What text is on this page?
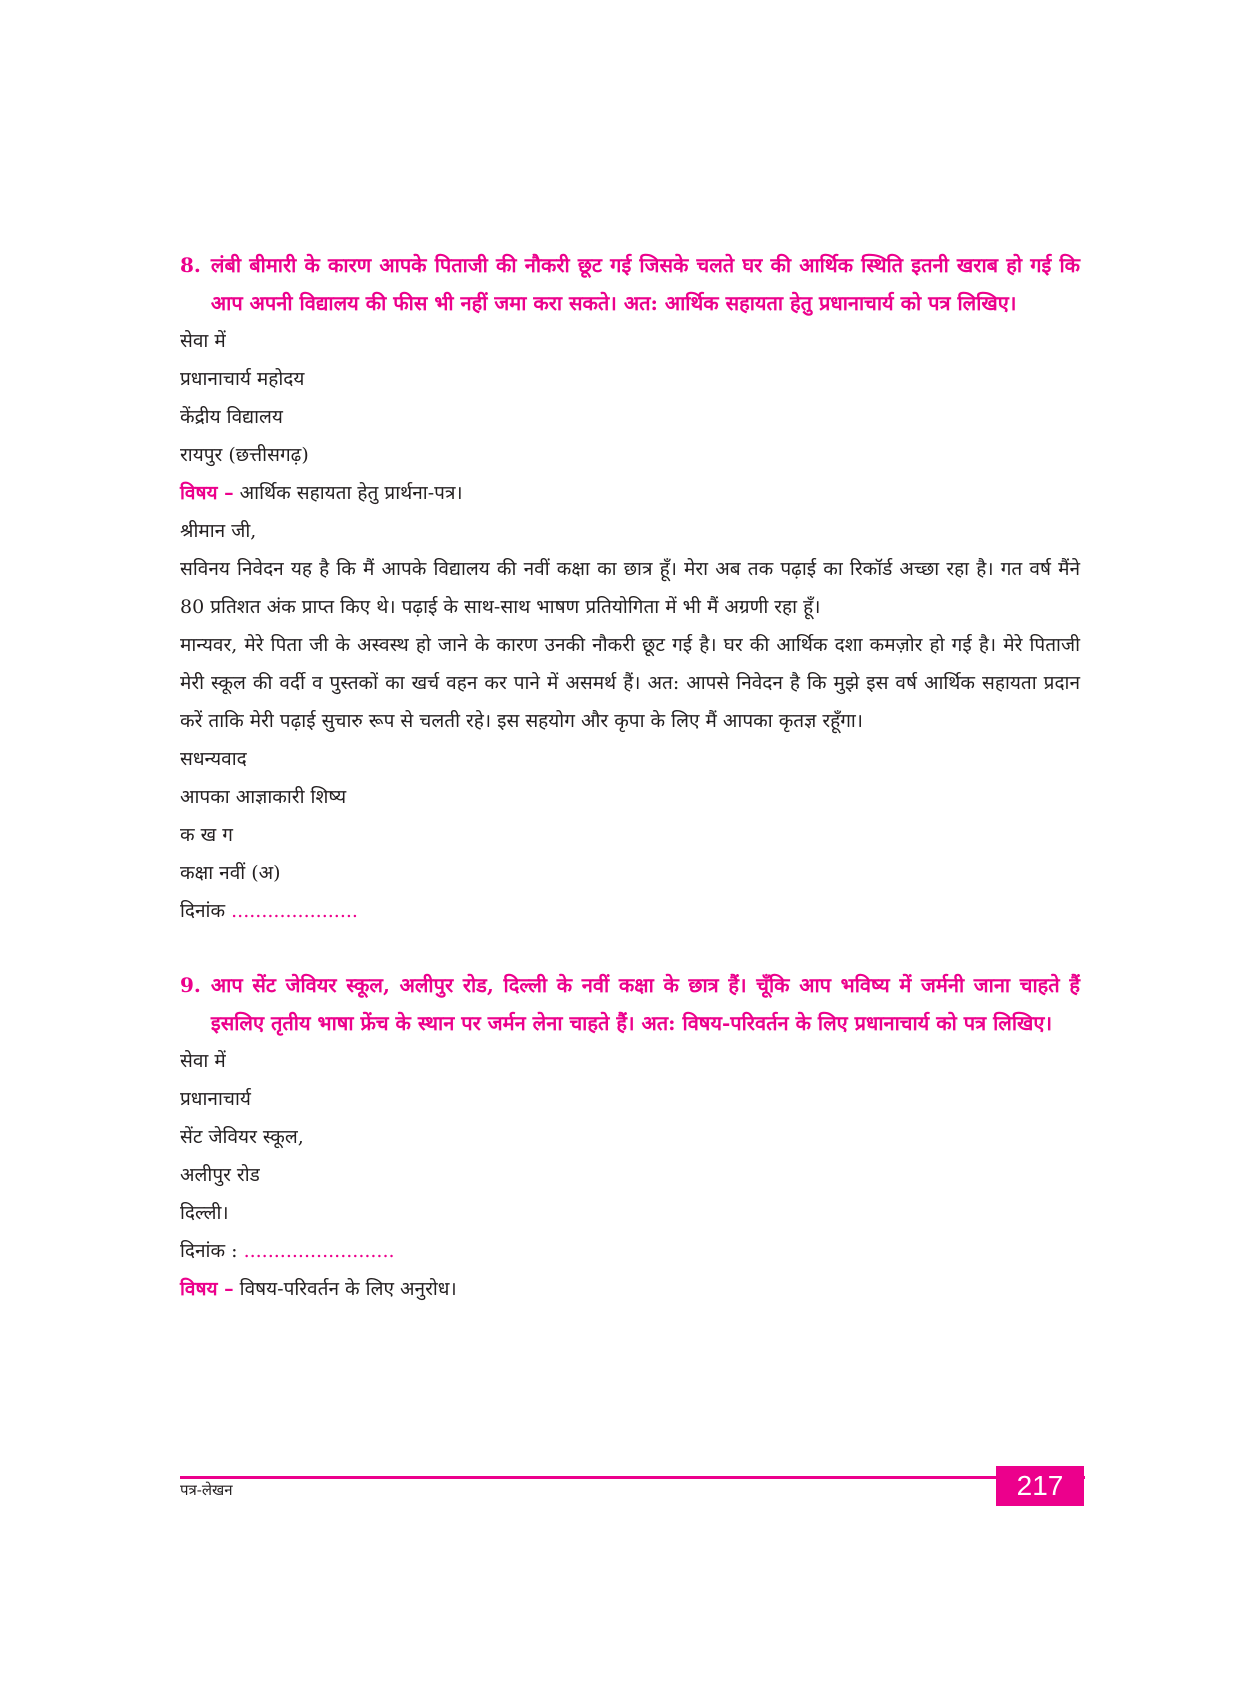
8. लंबी बीमारी के कारण आपके पिताजी की नौकरी छूट गई जिसके चलते घर की आर्थिक स्थिति इतनी खराब हो गई कि आप अपनी विद्यालय की फीस भी नहीं जमा करा सकते। अत: आर्थिक सहायता हेतु प्रधानाचार्य को पत्र लिखिए।
सेवा में
प्रधानाचार्य महोदय
केंद्रीय विद्यालय
रायपुर (छत्तीसगढ़)
विषय – आर्थिक सहायता हेतु प्रार्थना-पत्र।
श्रीमान जी,
सविनय निवेदन यह है कि मैं आपके विद्यालय की नवीं कक्षा का छात्र हूँ। मेरा अब तक पढ़ाई का रिकॉर्ड अच्छा रहा है। गत वर्ष मैंने 80 प्रतिशत अंक प्राप्त किए थे। पढ़ाई के साथ-साथ भाषण प्रतियोगिता में भी मैं अग्रणी रहा हूँ।
मान्यवर, मेरे पिता जी के अस्वस्थ हो जाने के कारण उनकी नौकरी छूट गई है। घर की आर्थिक दशा कमज़ोर हो गई है। मेरे पिताजी मेरी स्कूल की वर्दी व पुस्तकों का खर्च वहन कर पाने में असमर्थ हैं। अत: आपसे निवेदन है कि मुझे इस वर्ष आर्थिक सहायता प्रदान करें ताकि मेरी पढ़ाई सुचारु रूप से चलती रहे। इस सहयोग और कृपा के लिए मैं आपका कृतज्ञ रहूँगा।
सधन्यवाद
आपका आज्ञाकारी शिष्य
क ख ग
कक्षा नवीं (अ)
दिनांक .....................
9. आप सेंट जेवियर स्कूल, अलीपुर रोड, दिल्ली के नवीं कक्षा के छात्र हैं। चूँकि आप भविष्य में जर्मनी जाना चाहते हैं इसलिए तृतीय भाषा फ्रेंच के स्थान पर जर्मन लेना चाहते हैं। अत: विषय-परिवर्तन के लिए प्रधानाचार्य को पत्र लिखिए।
सेवा में
प्रधानाचार्य
सेंट जेवियर स्कूल,
अलीपुर रोड
दिल्ली।
दिनांक : .........................
विषय – विषय-परिवर्तन के लिए अनुरोध।
पत्र-लेखन	217
